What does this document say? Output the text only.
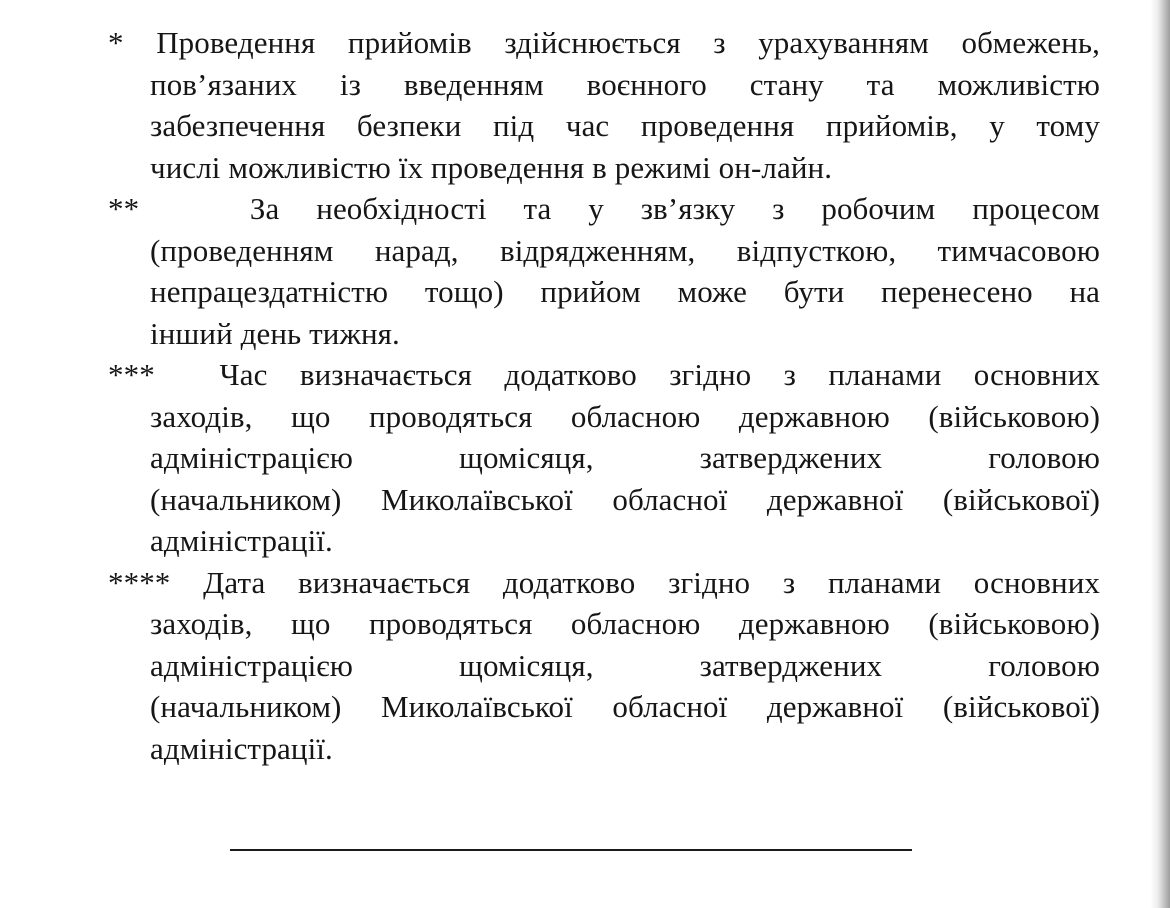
* Проведення прийомів здійснюється з урахуванням обмежень,
пов’язаних із введенням воєнного стану та можливістю
забезпечення безпеки під час проведення прийомів, у тому
числі можливістю їх проведення в режимі он-лайн.
**	За необхідності та у зв’язку з робочим процесом
(проведенням нарад, відрядженням, відпусткою, тимчасовою
непрацездатністю тощо) прийом може бути перенесено на
інший день тижня.
*** Час визначається додатково згідно з планами основних
заходів, що проводяться обласною державною (військовою)
адміністрацією щомісяця, затверджених головою
(начальником) Миколаївської обласної державної (військової)
адміністрації.
**** Дата визначається додатково згідно з планами основних
заходів, що проводяться обласною державною (військовою)
адміністрацією щомісяця, затверджених головою
(начальником) Миколаївської обласної державної (військової)
адміністрації.
